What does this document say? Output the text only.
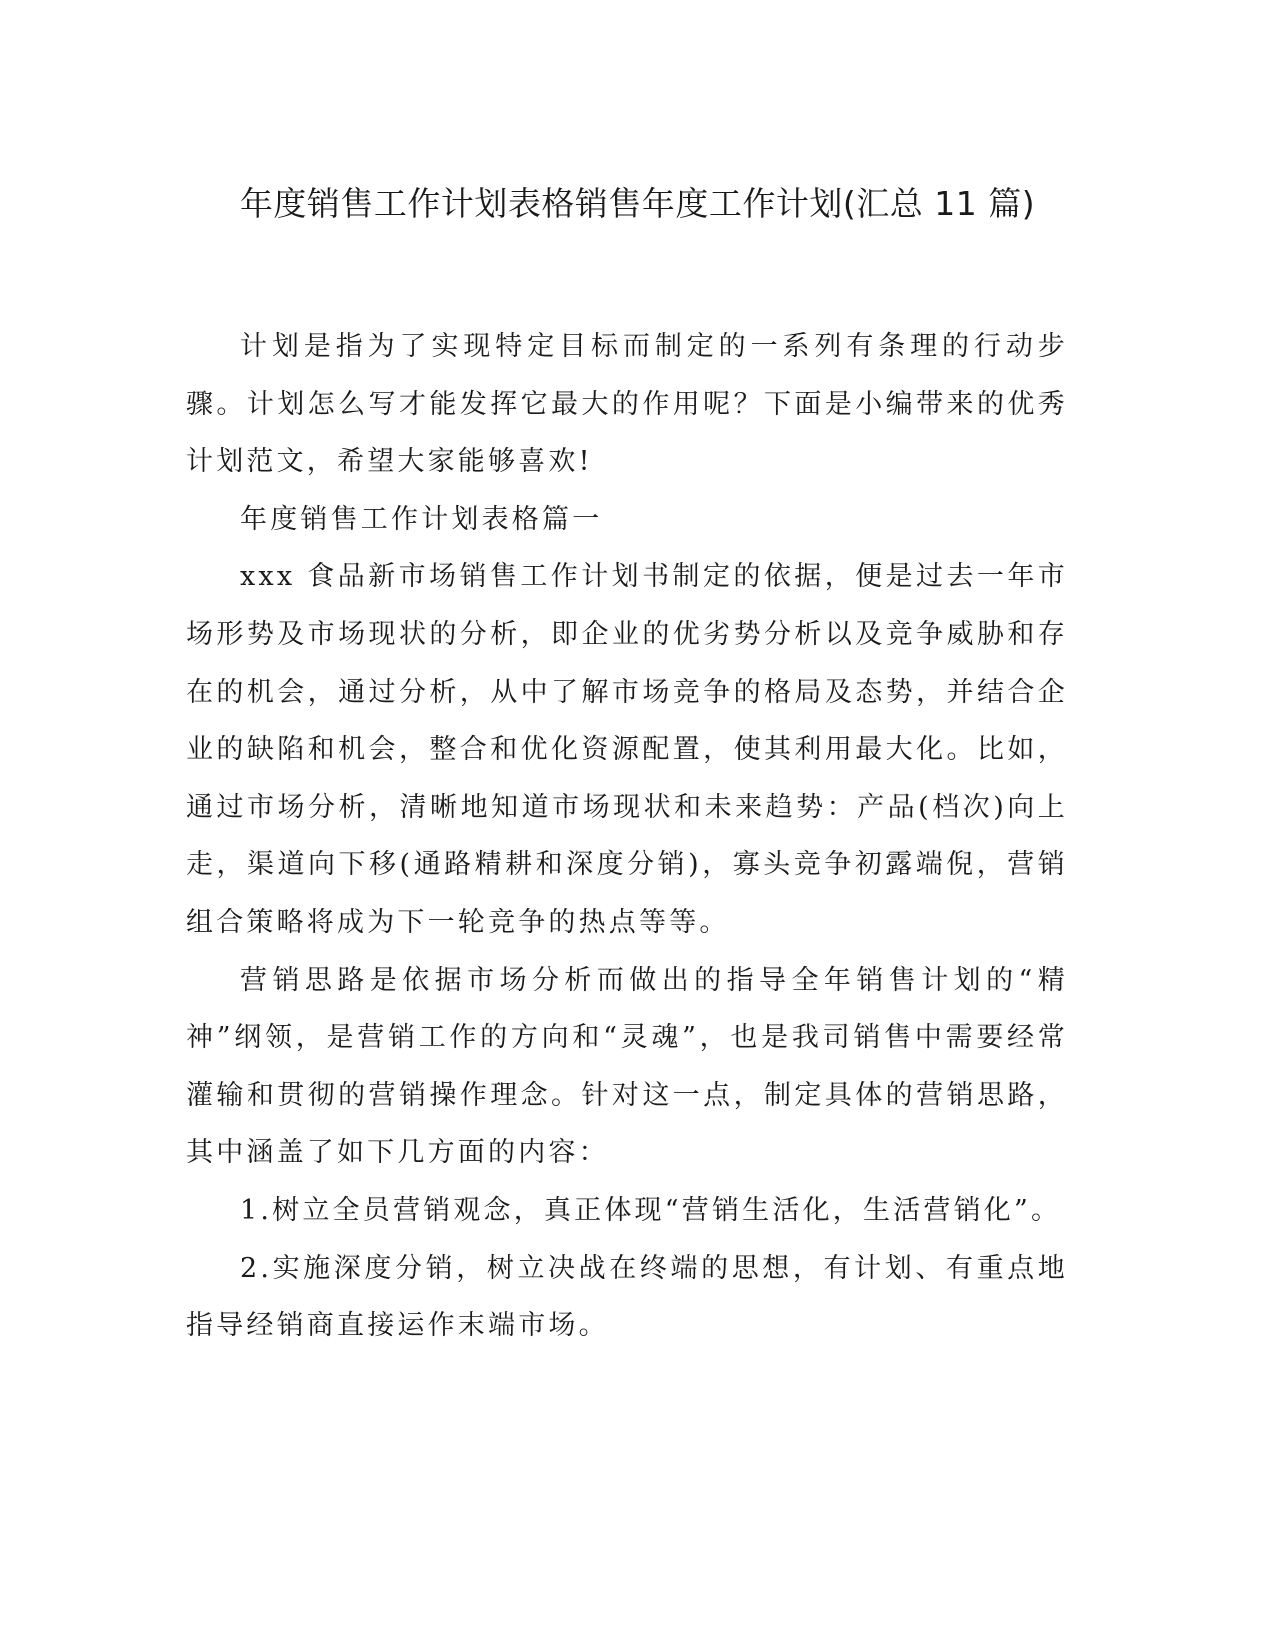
年度销售工作计划表格销售年度工作计划(汇总 11 篇)

计划是指为了实现特定目标而制定的一系列有条理的行动步骤。计划怎么写才能发挥它最大的作用呢？下面是小编带来的优秀计划范文，希望大家能够喜欢!

年度销售工作计划表格篇一

xxx 食品新市场销售工作计划书制定的依据，便是过去一年市场形势及市场现状的分析，即企业的优劣势分析以及竞争威胁和存在的机会，通过分析，从中了解市场竞争的格局及态势，并结合企业的缺陷和机会，整合和优化资源配置，使其利用最大化。比如，通过市场分析，清晰地知道市场现状和未来趋势：产品(档次)向上走，渠道向下移(通路精耕和深度分销)，寡头竞争初露端倪，营销组合策略将成为下一轮竞争的热点等等。

营销思路是依据市场分析而做出的指导全年销售计划的“精神”纲领，是营销工作的方向和“灵魂”，也是我司销售中需要经常灌输和贯彻的营销操作理念。针对这一点，制定具体的营销思路，其中涵盖了如下几方面的内容：

1.树立全员营销观念，真正体现“营销生活化，生活营销化”。

2.实施深度分销，树立决战在终端的思想，有计划、有重点地指导经销商直接运作末端市场。
